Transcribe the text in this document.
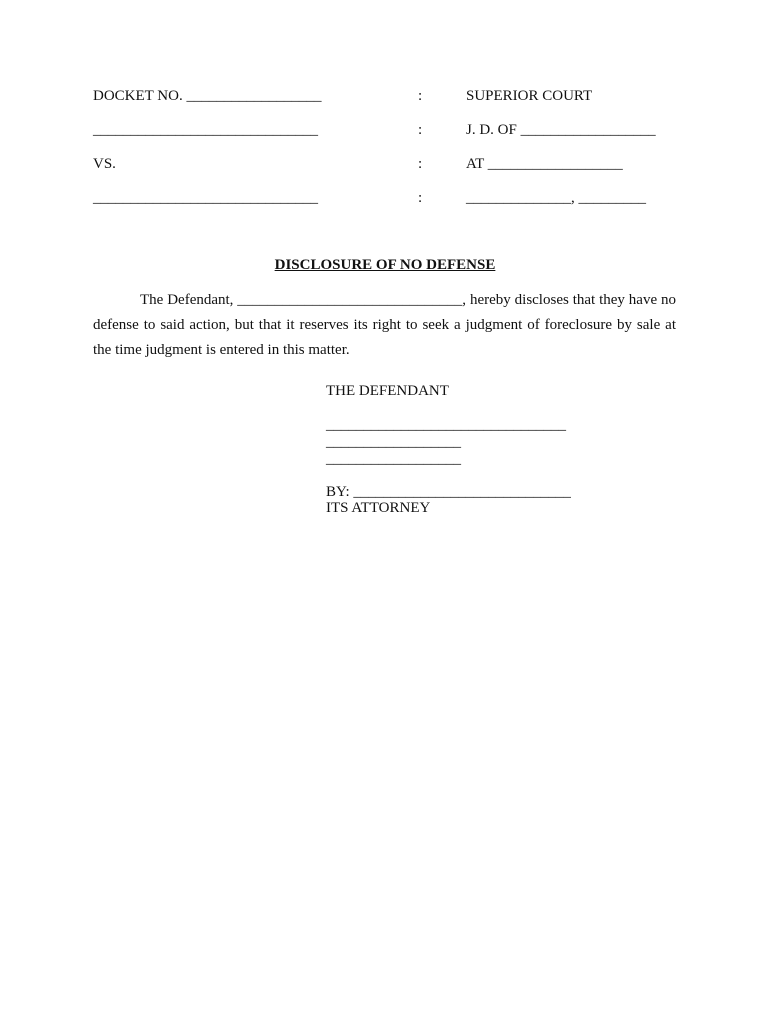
DOCKET NO. __________________	:	SUPERIOR COURT
______________________________	:	J. D. OF __________________
VS.	:	AT __________________
______________________________	:	______________, _________
DISCLOSURE OF NO DEFENSE
The Defendant, ______________________________, hereby discloses that they have no defense to said action, but that it reserves its right to seek a judgment of foreclosure by sale at the time judgment is entered in this matter.
THE DEFENDANT
________________________________
__________________
__________________
BY: _____________________________
ITS ATTORNEY
